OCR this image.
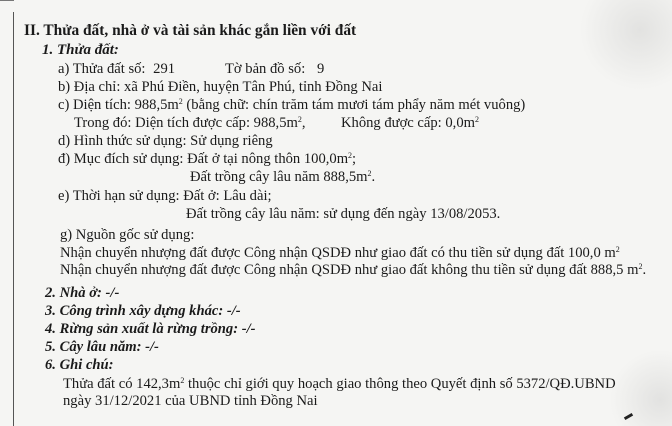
II. Thửa đất, nhà ở và tài sản khác gắn liền với đất
1. Thửa đất:
a) Thửa đất số: 291	Tờ bản đồ số: 9
b) Địa chỉ: xã Phú Điền, huyện Tân Phú, tỉnh Đồng Nai
c) Diện tích: $988,5m^2$ (bằng chữ: chín trăm tám mươi tám phẩy năm mét vuông)
Trong đó: Diện tích được cấp: $988,5m^2$, Không được cấp: $0,0m^2$
d) Hình thức sử dụng: Sử dụng riêng
đ) Mục đích sử dụng: Đất ở tại nông thôn $100,0m^2$;
Đất trồng cây lâu năm $888,5m^2$.
e) Thời hạn sử dụng: Đất ở: Lâu dài;
Đất trồng cây lâu năm: sử dụng đến ngày 13/08/2053.
g) Nguồn gốc sử dụng:
Nhận chuyển nhượng đất được Công nhận QSDĐ như giao đất có thu tiền sử dụng đất 100,0 $m^2$
Nhận chuyển nhượng đất được Công nhận QSDĐ như giao đất không thu tiền sử dụng đất 888,5 $m^2$.
2. Nhà ở: -/-
3. Công trình xây dựng khác: -/-
4. Rừng sản xuất là rừng trồng: -/-
5. Cây lâu năm: -/-
6. Ghi chú:
Thửa đất có $142,3m^2$ thuộc chỉ giới quy hoạch giao thông theo Quyết định số 5372/QĐ.UBND
ngày 31/12/2021 của UBND tỉnh Đồng Nai
